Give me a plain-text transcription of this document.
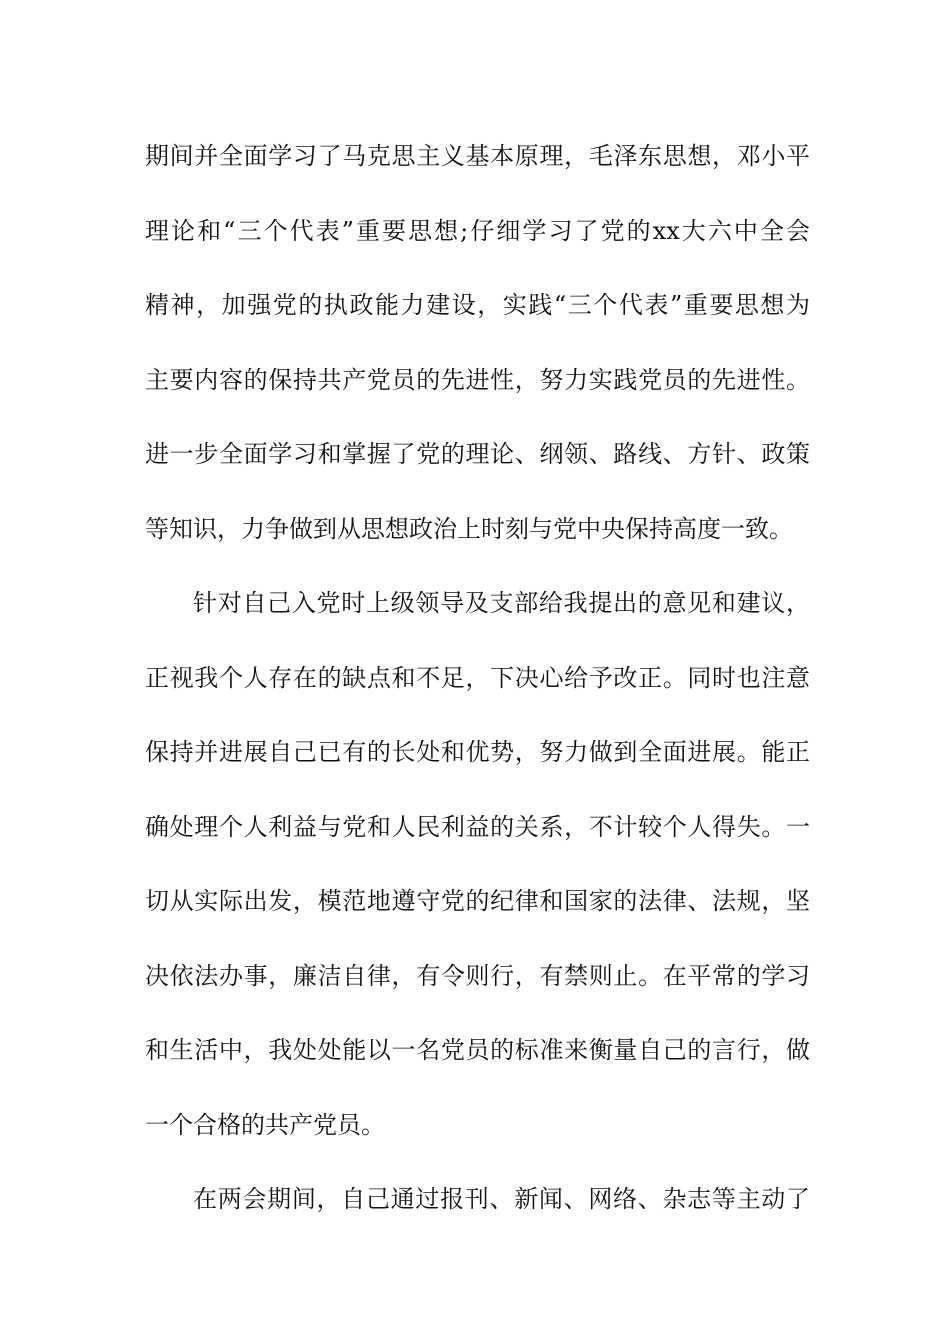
期间并全面学习了马克思主义基本原理，毛泽东思想，邓小平
理论和“三个代表”重要思想;仔细学习了党的xx大六中全会
精神，加强党的执政能力建设，实践“三个代表”重要思想为
主要内容的保持共产党员的先进性，努力实践党员的先进性。
进一步全面学习和掌握了党的理论、纲领、路线、方针、政策
等知识，力争做到从思想政治上时刻与党中央保持高度一致。
针对自己入党时上级领导及支部给我提出的意见和建议，
正视我个人存在的缺点和不足，下决心给予改正。同时也注意
保持并进展自己已有的长处和优势，努力做到全面进展。能正
确处理个人利益与党和人民利益的关系，不计较个人得失。一
切从实际出发，模范地遵守党的纪律和国家的法律、法规，坚
决依法办事，廉洁自律，有令则行，有禁则止。在平常的学习
和生活中，我处处能以一名党员的标准来衡量自己的言行，做
一个合格的共产党员。
在两会期间，自己通过报刊、新闻、网络、杂志等主动了
